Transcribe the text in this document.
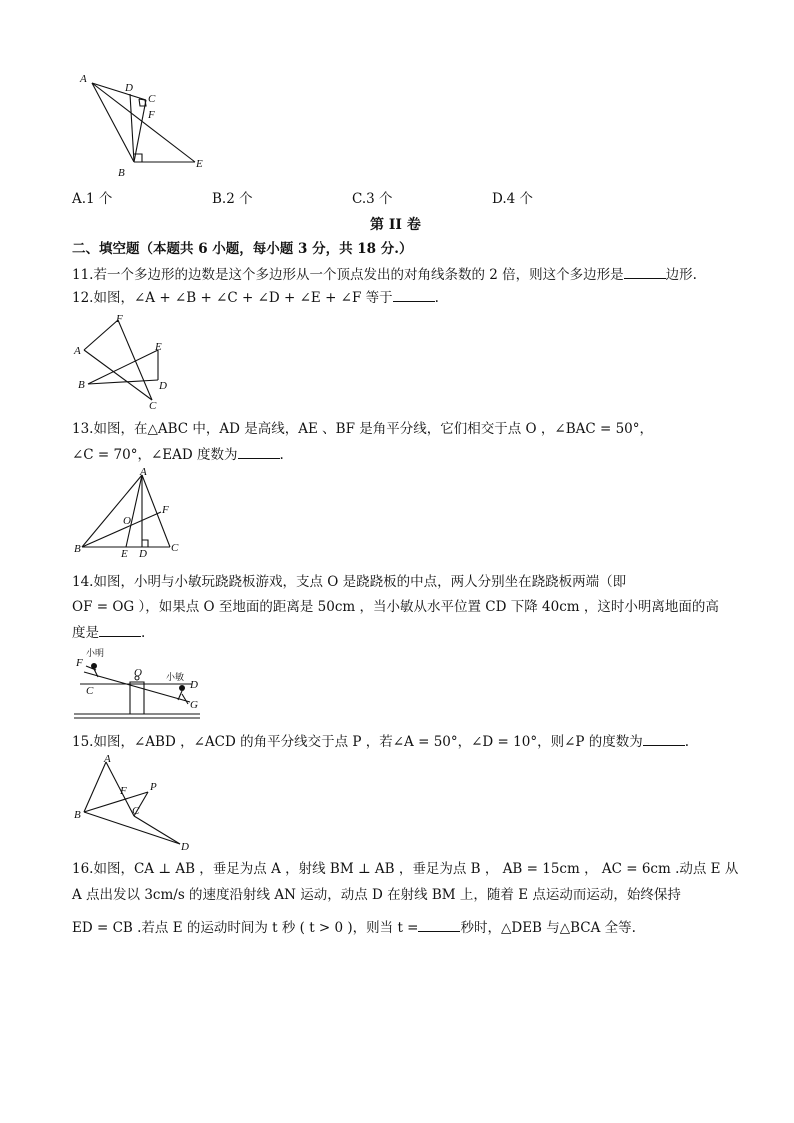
A
D
C
F
B
E
A.1 个	B.2 个	C.3 个	D.4 个
第 II 卷
二、填空题（本题共 6 小题，每小题 3 分，共 18 分.）
11.若一个多边形的边数是这个多边形从一个顶点发出的对角线条数的 2 倍，则这个多边形是	边形.
12.如图，∠A + ∠B + ∠C + ∠D + ∠E + ∠F 等于	.
F
A	E
B	D
C
13.如图，在△ABC 中，AD 是高线，AE 、BF 是角平分线，它们相交于点 O ，∠BAC = 50°，
∠C = 70°，∠EAD 度数为	.
A
O
F
B	E D C
14.如图，小明与小敏玩跷跷板游戏，支点 O 是跷跷板的中点，两人分别坐在跷跷板两端（即
OF = OG ），如果点 O 至地面的距离是 50cm ，当小敏从水平位置 CD 下降 40cm ，这时小明离地面的高
度是	.
小明
F
C
O	小敏
D
G
15.如图，∠ABD ，∠ACD 的角平分线交于点 P ，若∠A = 50°，∠D = 10°，则∠P 的度数为	.
A
F P
B	C
D
16.如图，CA ⊥ AB ，垂足为点 A ，射线 BM ⊥ AB ，垂足为点 B ， AB = 15cm ， AC = 6cm .动点 E 从
A 点出发以 3cm/s 的速度沿射线 AN 运动，动点 D 在射线 BM 上，随着 E 点运动而运动，始终保持
ED = CB .若点 E 的运动时间为 t 秒 ( t > 0 )，则当 t =	秒时，△DEB 与△BCA 全等.
